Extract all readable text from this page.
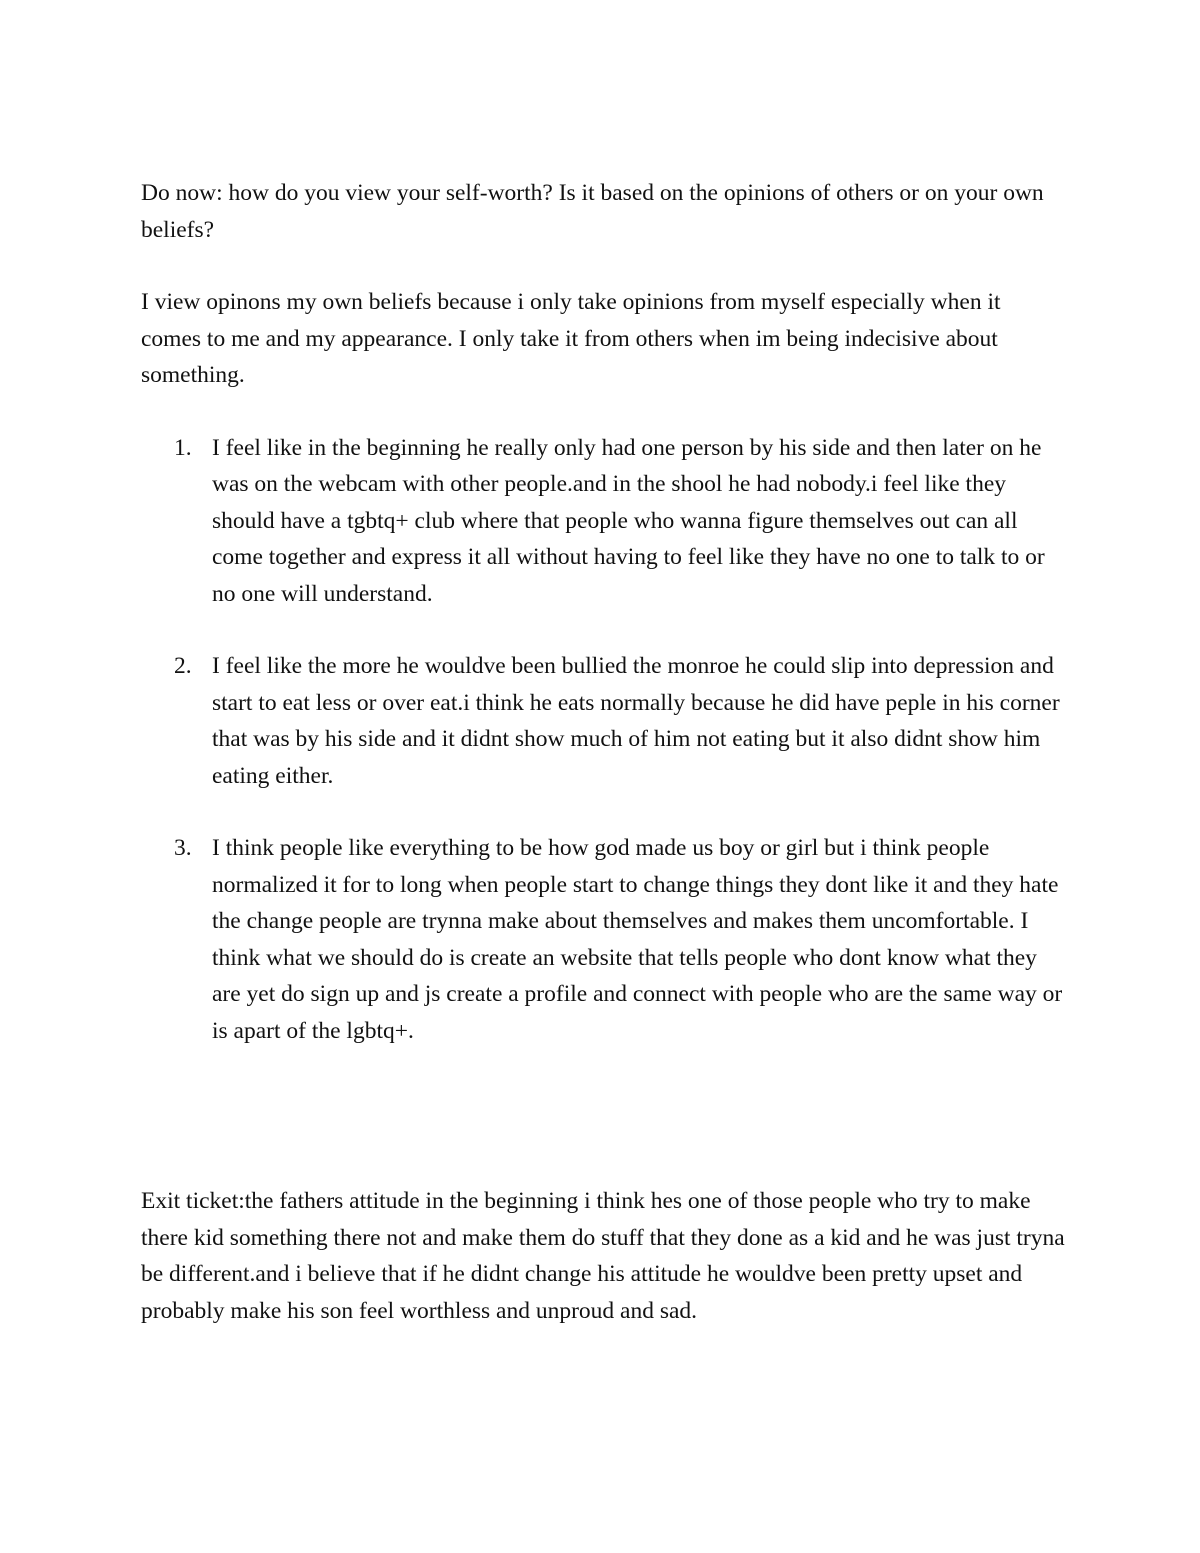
Do now: how do you view your self-worth? Is it based on the opinions of others or on your own beliefs?

I view opinons my own beliefs because i only take opinions from myself especially when it comes to me and my appearance. I only take it from others when im being indecisive about something.

1. I feel like in the beginning he really only had one person by his side and then later on he was on the webcam with other people.and in the shool he had nobody.i feel like they should have a tgbtq+ club where that people who wanna figure themselves out can all come together and express it all without having to feel like they have no one to talk to or no one will understand.
2. I feel like the more he wouldve been bullied the monroe he could slip into depression and start to eat less or over eat.i think he eats normally because he did have peple in his corner that was by his side and it didnt show much of him not eating but it also didnt show him eating either.
3. I think people like everything to be how god made us boy or girl but i think people normalized it for to long when people start to change things they dont like it and they hate the change people are trynna make about themselves and makes them uncomfortable. I think what we should do is create an website that tells people who dont know what they are yet do sign up and js create a profile and connect with people who are the same way or is apart of the lgbtq+.

Exit ticket:the fathers attitude in the beginning i think hes one of those people who try to make there kid something there not and make them do stuff that they done as a kid and he was just tryna be different.and i believe that if he didnt change his attitude he wouldve been pretty upset and probably make his son feel worthless and unproud and sad.
